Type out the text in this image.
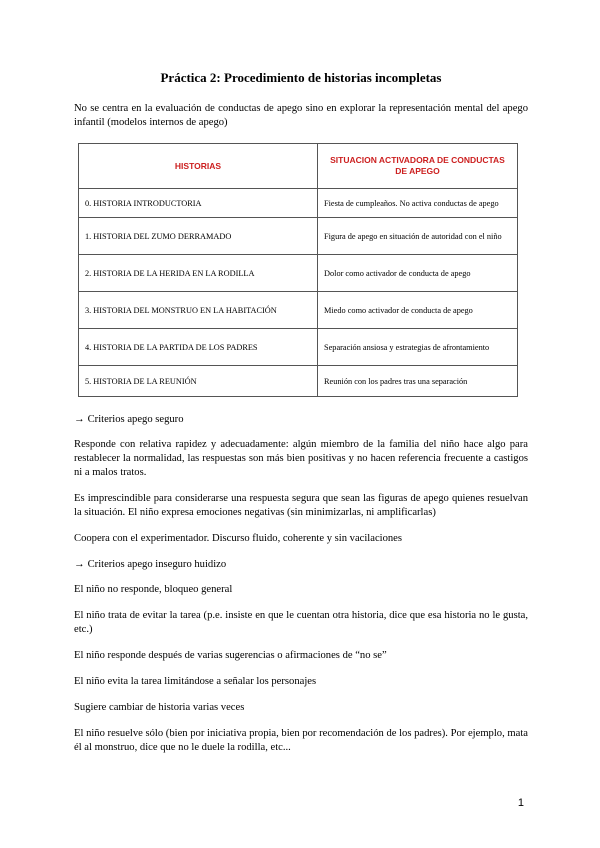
Práctica 2: Procedimiento de historias incompletas

No se centra en la evaluación de conductas de apego sino en explorar la representación mental del apego infantil (modelos internos de apego)

HISTORIAS	SITUACION ACTIVADORA DE CONDUCTAS DE APEGO
0. HISTORIA INTRODUCTORIA	Fiesta de cumpleaños. No activa conductas de apego
1. HISTORIA DEL ZUMO DERRAMADO	Figura de apego en situación de autoridad con el niño
2. HISTORIA DE LA HERIDA EN LA RODILLA	Dolor como activador de conducta de apego
3. HISTORIA DEL MONSTRUO EN LA HABITACIÓN	Miedo como activador de conducta de apego
4. HISTORIA DE LA PARTIDA DE LOS PADRES	Separación ansiosa y estrategias de afrontamiento
5. HISTORIA DE LA REUNIÓN	Reunión con los padres tras una separación

→ Criterios apego seguro

Responde con relativa rapidez y adecuadamente: algún miembro de la familia del niño hace algo para restablecer la normalidad, las respuestas son más bien positivas y no hacen referencia frecuente a castigos ni a malos tratos.

Es imprescindible para considerarse una respuesta segura que sean las figuras de apego quienes resuelvan la situación. El niño expresa emociones negativas (sin minimizarlas, ni amplificarlas)

Coopera con el experimentador. Discurso fluido, coherente y sin vacilaciones

→ Criterios apego inseguro huidizo

El niño no responde, bloqueo general

El niño trata de evitar la tarea (p.e. insiste en que le cuentan otra historia, dice que esa historia no le gusta, etc.)

El niño responde después de varias sugerencias o afirmaciones de “no se”

El niño evita la tarea limitándose a señalar los personajes

Sugiere cambiar de historia varias veces

El niño resuelve sólo (bien por iniciativa propia, bien por recomendación de los padres). Por ejemplo, mata él al monstruo, dice que no le duele la rodilla, etc...

1
